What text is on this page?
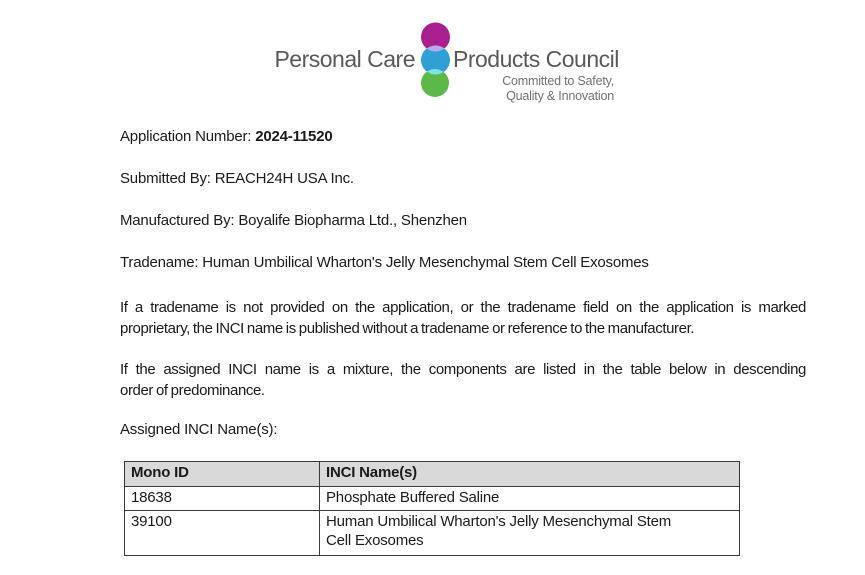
Personal Care Products Council
Committed to Safety,
Quality & Innovation
Application Number: 2024-11520
Submitted By: REACH24H USA Inc.
Manufactured By: Boyalife Biopharma Ltd., Shenzhen
Tradename: Human Umbilical Wharton's Jelly Mesenchymal Stem Cell Exosomes
If a tradename is not provided on the application, or the tradename field on the application is marked
proprietary, the INCI name is published without a tradename or reference to the manufacturer.
If the assigned INCI name is a mixture, the components are listed in the table below in descending
order of predominance.
Assigned INCI Name(s):
Mono ID	INCI Name(s)
18638	Phosphate Buffered Saline
39100	Human Umbilical Wharton's Jelly Mesenchymal Stem Cell Exosomes
